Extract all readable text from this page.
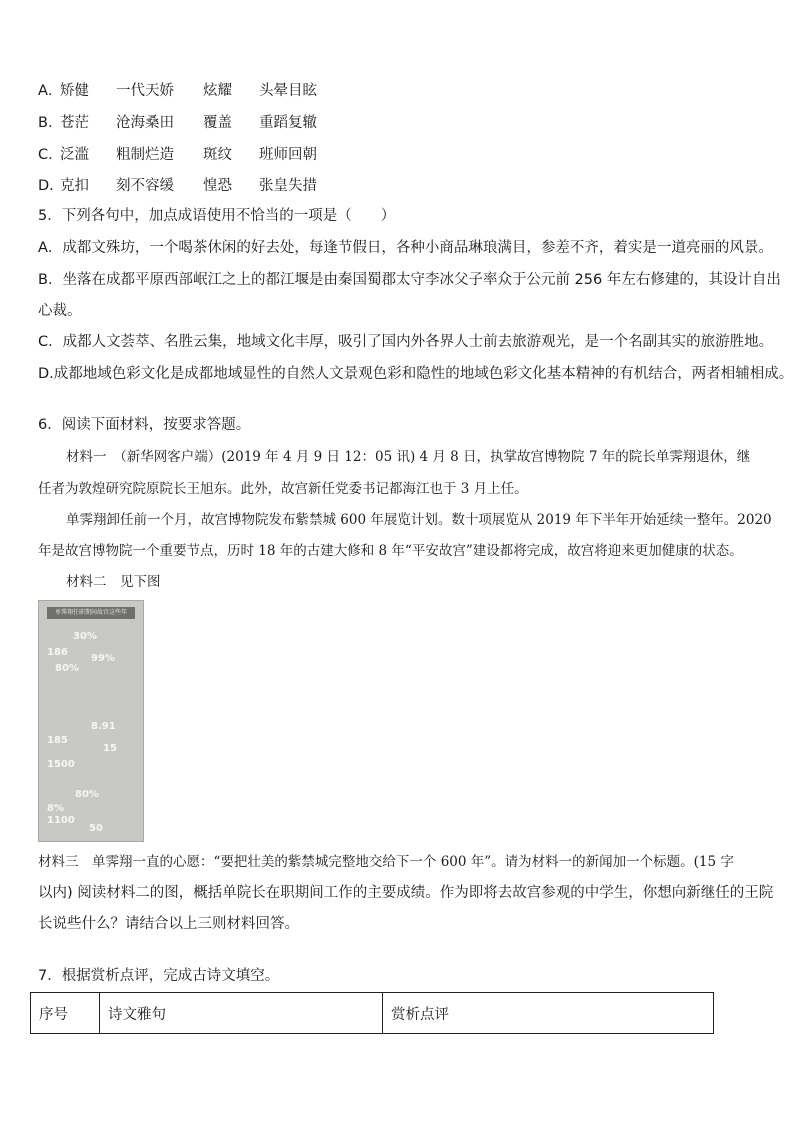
A．矫健 一代天娇 炫耀 头晕目眩
B．苍茫 沧海桑田 覆盖 重蹈复辙
C．泛滥 粗制烂造 斑纹 班师回朝
D．克扣 刻不容缓 惶恐 张皇失措
5．下列各句中，加点成语使用不恰当的一项是（　　）
A．成都文殊坊，一个喝茶休闲的好去处，每逢节假日，各种小商品琳琅满目，参差不齐，着实是一道亮丽的风景。
B．坐落在成都平原西部岷江之上的都江堰是由秦国蜀郡太守李冰父子率众于公元前 256 年左右修建的，其设计自出
心裁。
C．成都人文荟萃、名胜云集，地域文化丰厚，吸引了国内外各界人士前去旅游观光，是一个名副其实的旅游胜地。
D.成都地域色彩文化是成都地域显性的自然人文景观色彩和隐性的地域色彩文化基本精神的有机结合，两者相辅相成。
6．阅读下面材料，按要求答题。
材料一　（新华网客户端）(2019 年 4 月 9 日 12：05 讯) 4 月 8 日，执掌故宫博物院 7 年的院长单霁翔退休，继
任者为敦煌研究院原院长王旭东。此外，故宫新任党委书记都海江也于 3 月上任。
单霁翔卸任前一个月，故宫博物院发布紫禁城 600 年展览计划。数十项展览从 2019 年下半年开始延续一整年。2020
年是故宫博物院一个重要节点，历时 18 年的古建大修和 8 年“平安故宫”建设都将完成，故宫将迎来更加健康的状态。
材料二　见下图
单霁翔任职期间故宫这些年
30%
186
99%
80%
8.91
185
15
1500
80%
8%
1100
50
材料三　单霁翔一直的心愿：“要把壮美的紫禁城完整地交给下一个 600 年”。请为材料一的新闻加一个标题。(15 字
以内) 阅读材料二的图，概括单院长在职期间工作的主要成绩。作为即将去故宫参观的中学生，你想向新继任的王院
长说些什么？请结合以上三则材料回答。
7．根据赏析点评，完成古诗文填空。
序号	诗文雅句	赏析点评
